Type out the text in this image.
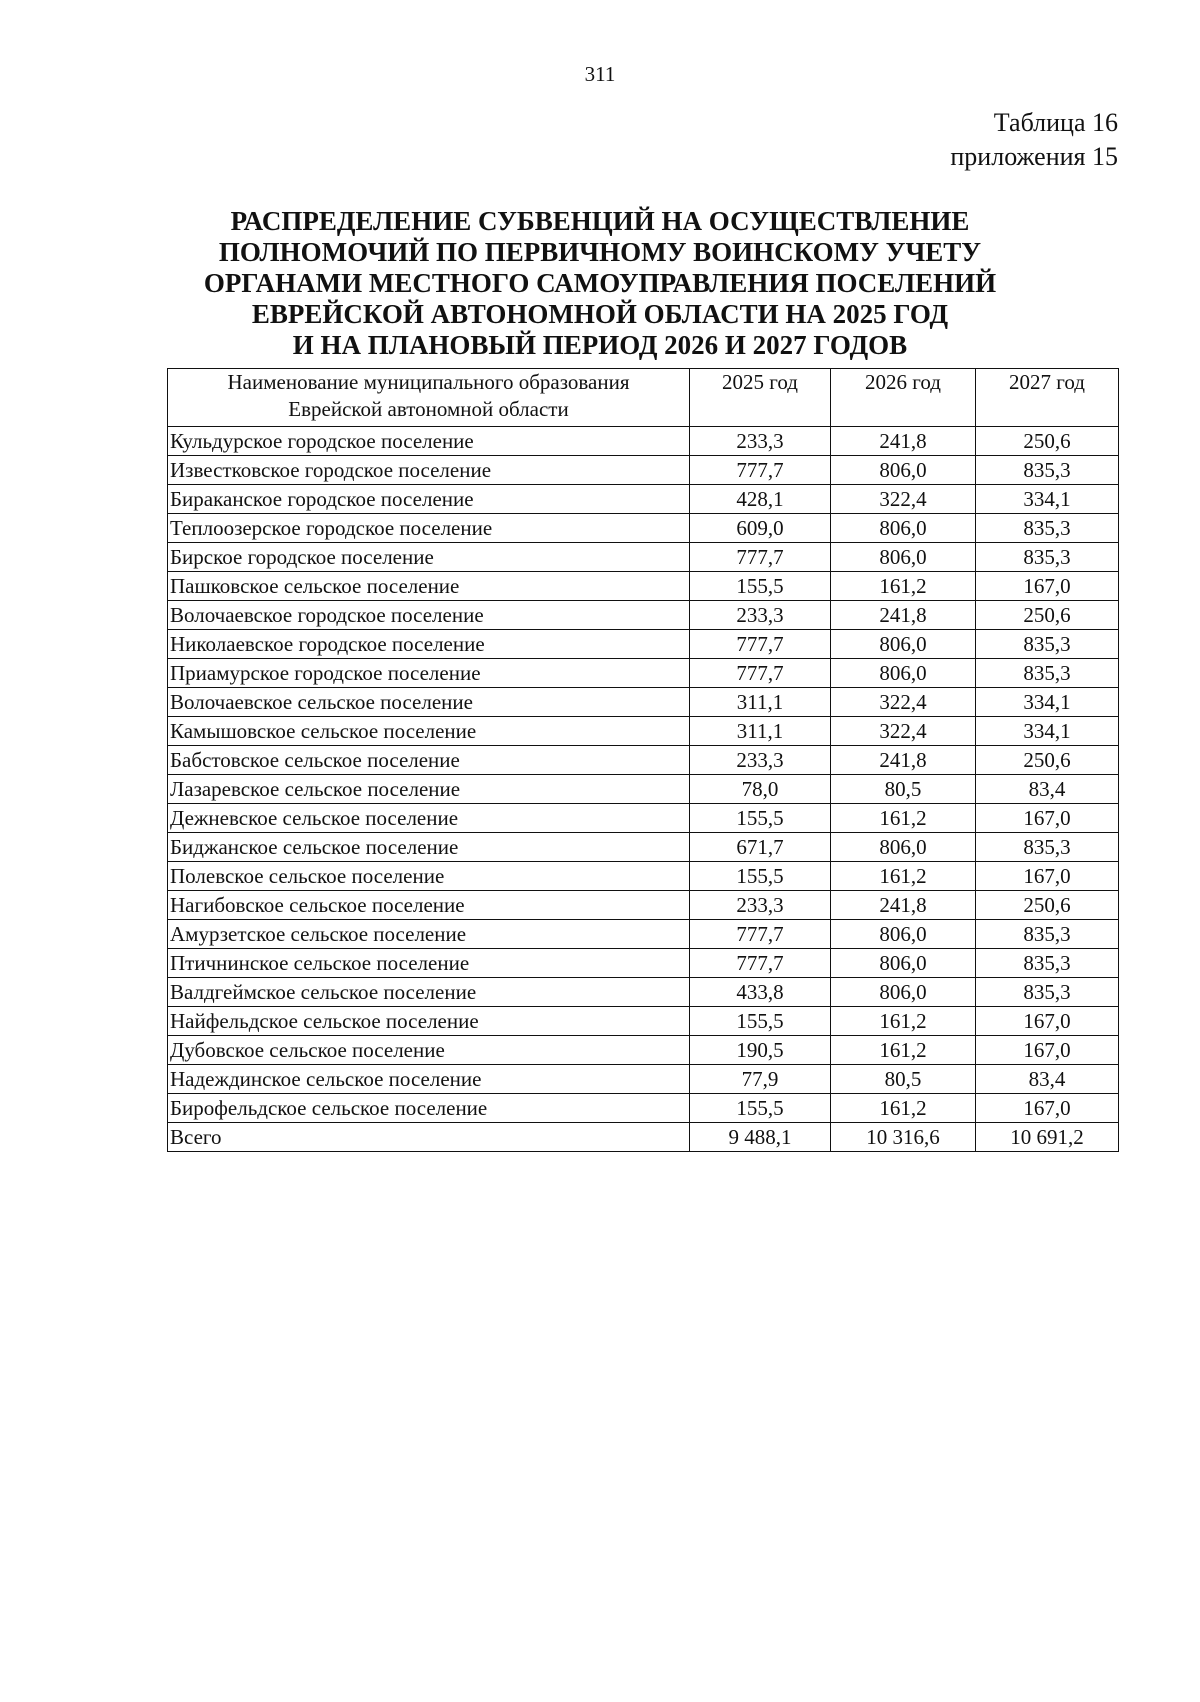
311
Таблица 16
приложения 15
РАСПРЕДЕЛЕНИЕ СУБВЕНЦИЙ НА ОСУЩЕСТВЛЕНИЕ
ПОЛНОМОЧИЙ ПО ПЕРВИЧНОМУ ВОИНСКОМУ УЧЕТУ
ОРГАНАМИ МЕСТНОГО САМОУПРАВЛЕНИЯ ПОСЕЛЕНИЙ
ЕВРЕЙСКОЙ АВТОНОМНОЙ ОБЛАСТИ НА 2025 ГОД
И НА ПЛАНОВЫЙ ПЕРИОД 2026 И 2027 ГОДОВ
Наименование муниципального образования
Еврейской автономной области	2025 год	2026 год	2027 год
Кульдурское городское поселение	233,3	241,8	250,6
Известковское городское поселение	777,7	806,0	835,3
Бираканское городское поселение	428,1	322,4	334,1
Теплоозерское городское поселение	609,0	806,0	835,3
Бирское городское поселение	777,7	806,0	835,3
Пашковское сельское поселение	155,5	161,2	167,0
Волочаевское городское поселение	233,3	241,8	250,6
Николаевское городское поселение	777,7	806,0	835,3
Приамурское городское поселение	777,7	806,0	835,3
Волочаевское сельское поселение	311,1	322,4	334,1
Камышовское сельское поселение	311,1	322,4	334,1
Бабстовское сельское поселение	233,3	241,8	250,6
Лазаревское сельское поселение	78,0	80,5	83,4
Дежневское сельское поселение	155,5	161,2	167,0
Биджанское сельское поселение	671,7	806,0	835,3
Полевское сельское поселение	155,5	161,2	167,0
Нагибовское сельское поселение	233,3	241,8	250,6
Амурзетское сельское поселение	777,7	806,0	835,3
Птичнинское сельское поселение	777,7	806,0	835,3
Валдгеймское сельское поселение	433,8	806,0	835,3
Найфельдское сельское поселение	155,5	161,2	167,0
Дубовское сельское поселение	190,5	161,2	167,0
Надеждинское сельское поселение	77,9	80,5	83,4
Бирофельдское сельское поселение	155,5	161,2	167,0
Всего	9 488,1	10 316,6	10 691,2
